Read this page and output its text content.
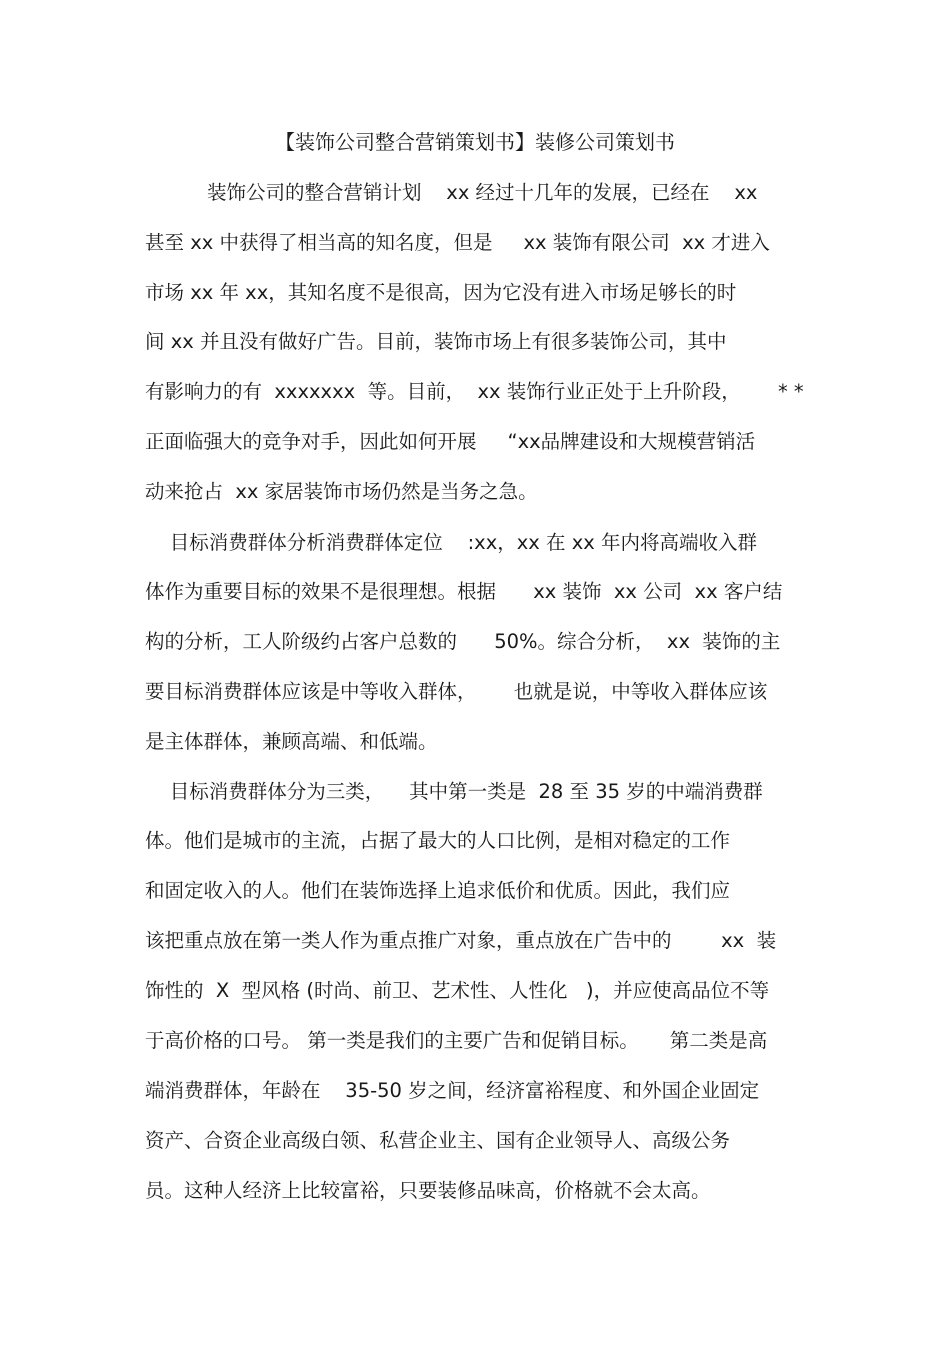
【装饰公司整合营销策划书】装修公司策划书
装饰公司的整合营销计划    xx 经过十几年的发展，已经在    xx
甚至 xx 中获得了相当高的知名度，但是     xx 装饰有限公司  xx 才进入
市场 xx 年 xx，其知名度不是很高，因为它没有进入市场足够长的时
间 xx 并且没有做好广告。目前，装饰市场上有很多装饰公司，其中
有影响力的有  xxxxxxx  等。目前，  xx 装饰行业正处于上升阶段，      * *
正面临强大的竞争对手，因此如何开展     “xx品牌建设和大规模营销活
动来抢占  xx 家居装饰市场仍然是当务之急。
目标消费群体分析消费群体定位    :xx，xx 在 xx 年内将高端收入群
体作为重要目标的效果不是很理想。根据      xx 装饰  xx 公司  xx 客户结
构的分析，工人阶级约占客户总数的      50%。综合分析，  xx  装饰的主
要目标消费群体应该是中等收入群体，      也就是说，中等收入群体应该
是主体群体，兼顾高端、和低端。
目标消费群体分为三类，    其中第一类是  28 至 35 岁的中端消费群
体。他们是城市的主流，占据了最大的人口比例，是相对稳定的工作
和固定收入的人。他们在装饰选择上追求低价和优质。因此，我们应
该把重点放在第一类人作为重点推广对象，重点放在广告中的        xx  装
饰性的  X  型风格 (时尚、前卫、艺术性、人性化   )，并应使高品位不等
于高价格的口号。 第一类是我们的主要广告和促销目标。     第二类是高
端消费群体，年龄在    35-50 岁之间，经济富裕程度、和外国企业固定
资产、合资企业高级白领、私营企业主、国有企业领导人、高级公务
员。这种人经济上比较富裕，只要装修品味高，价格就不会太高。
